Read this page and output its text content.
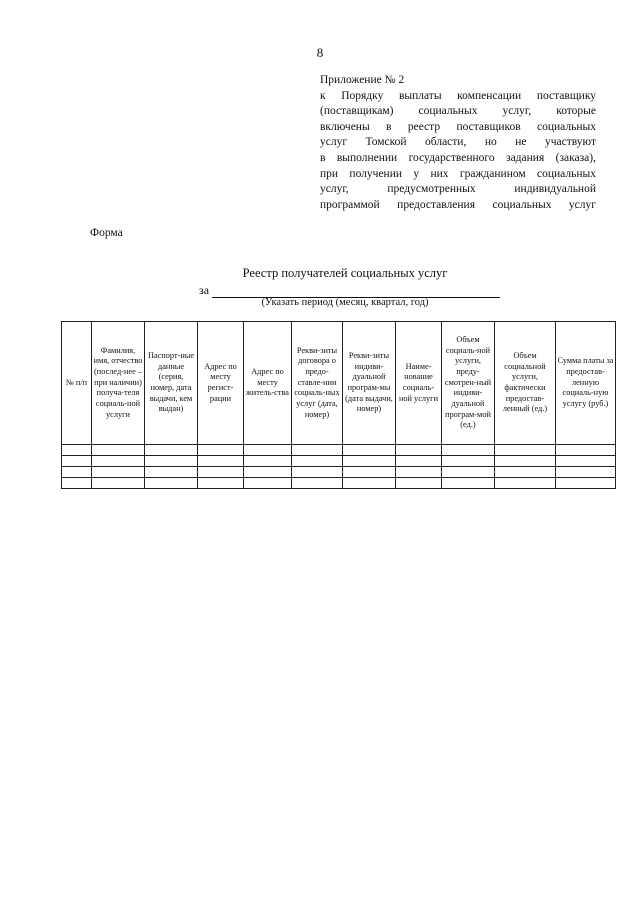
8
Приложение № 2
к Порядку выплаты компенсации поставщику
(поставщикам) социальных услуг, которые
включены в реестр поставщиков социальных
услуг Томской области, но не участвуют
в выполнении государственного задания (заказа),
при получении у них гражданином социальных
услуг, предусмотренных индивидуальной
программой предоставления социальных услуг
Форма
Реестр получателей социальных услуг
за
(Указать период (месяц, квартал, год)
№ п/п	Фамилия, имя, отчество (послед-нее – при наличии) получа-теля социаль-ной услуги	Паспорт-ные данные (серия, номер, дата выдачи, кем выдан)	Адрес по месту регист-рации	Адрес по месту житель-ства	Рекви-зиты договора о предо-ставле-нии социаль-ных услуг (дата, номер)	Рекви-зиты индиви-дуальной програм-мы (дата выдачи, номер)	Наиме-нование социаль-ной услуги	Объем социаль-ной услуги, преду-смотрен-ный индиви-дуальной програм-мой (ед.)	Объем социальной услуги, фактически предостав-ленный (ед.)	Сумма платы за предостав-ленную социаль-ную услугу (руб.)
